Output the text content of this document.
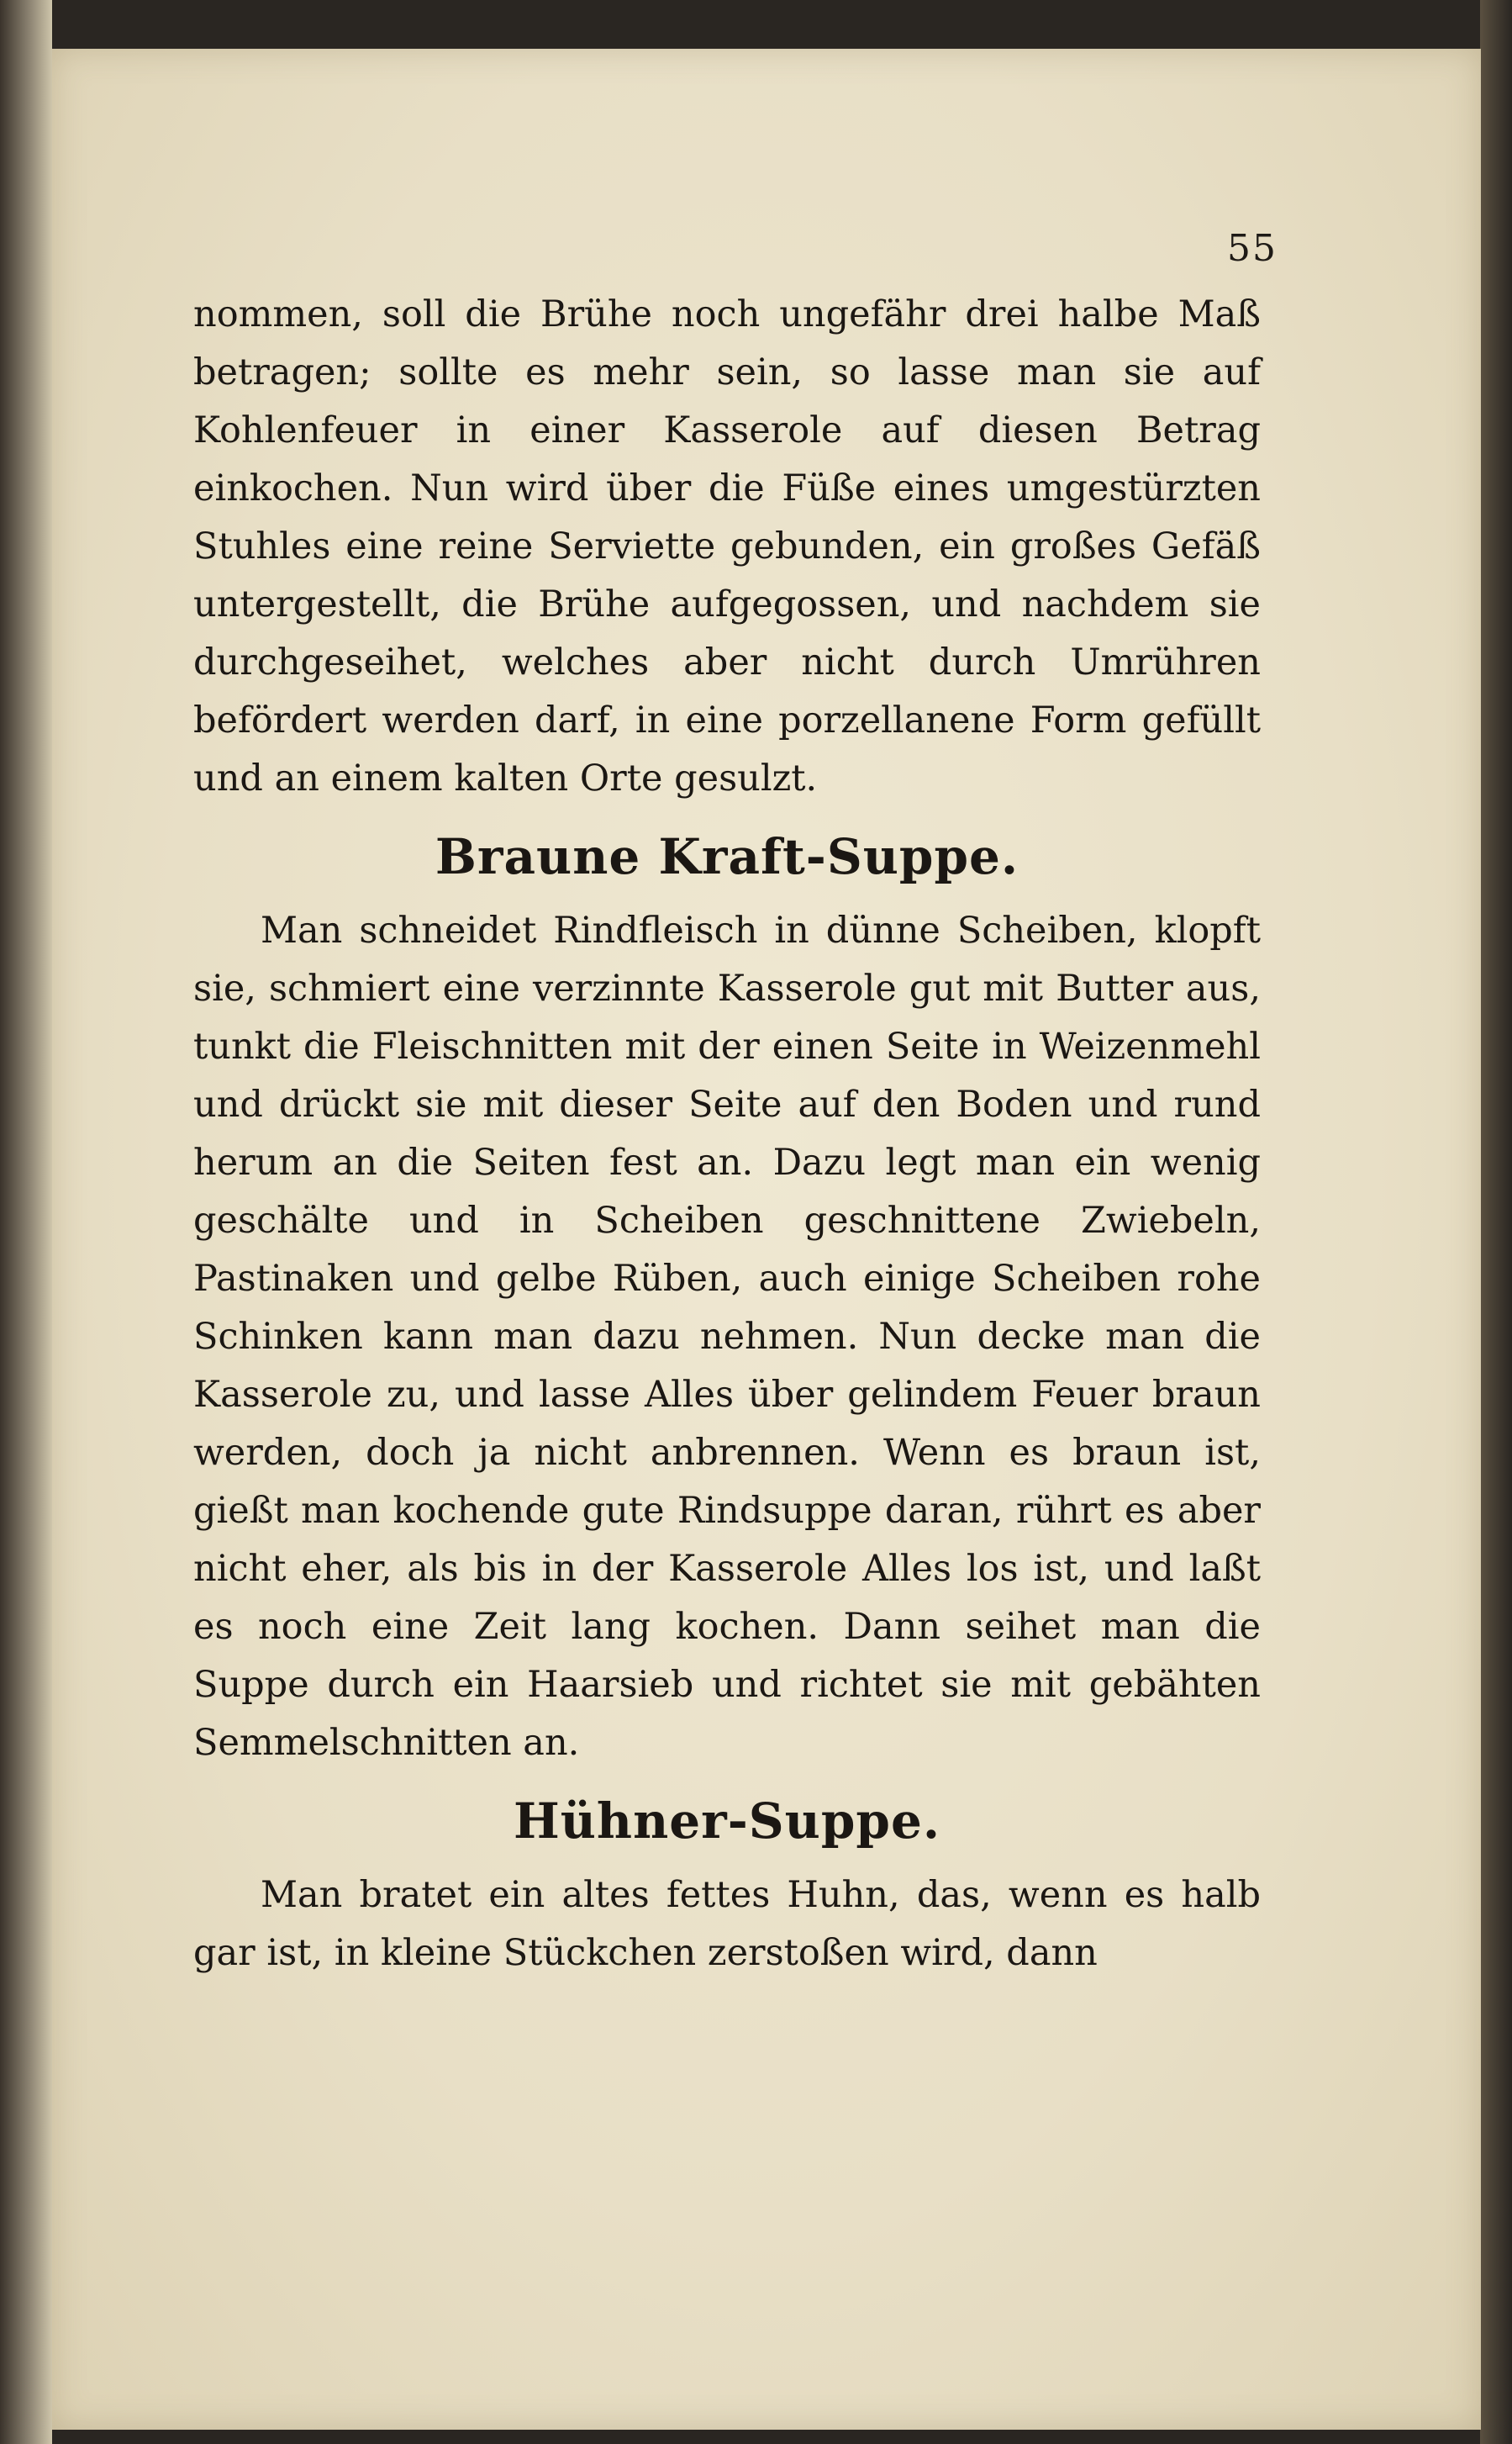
55

nommen, soll die Brühe noch ungefähr drei halbe Maß betragen; sollte es mehr sein, so lasse man sie auf Kohlenfeuer in einer Kasserole auf diesen Betrag einkochen. Nun wird über die Füße eines umgestürzten Stuhles eine reine Serviette gebunden, ein großes Gefäß untergestellt, die Brühe aufgegossen, und nachdem sie durchgeseihet, welches aber nicht durch Umrühren befördert werden darf, in eine porzellanene Form gefüllt und an einem kalten Orte gesulzt.

Braune Kraft-Suppe.

Man schneidet Rindfleisch in dünne Scheiben, klopft sie, schmiert eine verzinnte Kasserole gut mit Butter aus, tunkt die Fleischnitten mit der einen Seite in Weizenmehl und drückt sie mit dieser Seite auf den Boden und rund herum an die Seiten fest an. Dazu legt man ein wenig geschälte und in Scheiben geschnittene Zwiebeln, Pastinaken und gelbe Rüben, auch einige Scheiben rohe Schinken kann man dazu nehmen. Nun decke man die Kasserole zu, und lasse Alles über gelindem Feuer braun werden, doch ja nicht anbrennen. Wenn es braun ist, gießt man kochende gute Rindsuppe daran, rührt es aber nicht eher, als bis in der Kasserole Alles los ist, und laßt es noch eine Zeit lang kochen. Dann seihet man die Suppe durch ein Haarsieb und richtet sie mit gebähten Semmelschnitten an.

Hühner-Suppe.

Man bratet ein altes fettes Huhn, das, wenn es halb gar ist, in kleine Stückchen zerstoßen wird, dann
